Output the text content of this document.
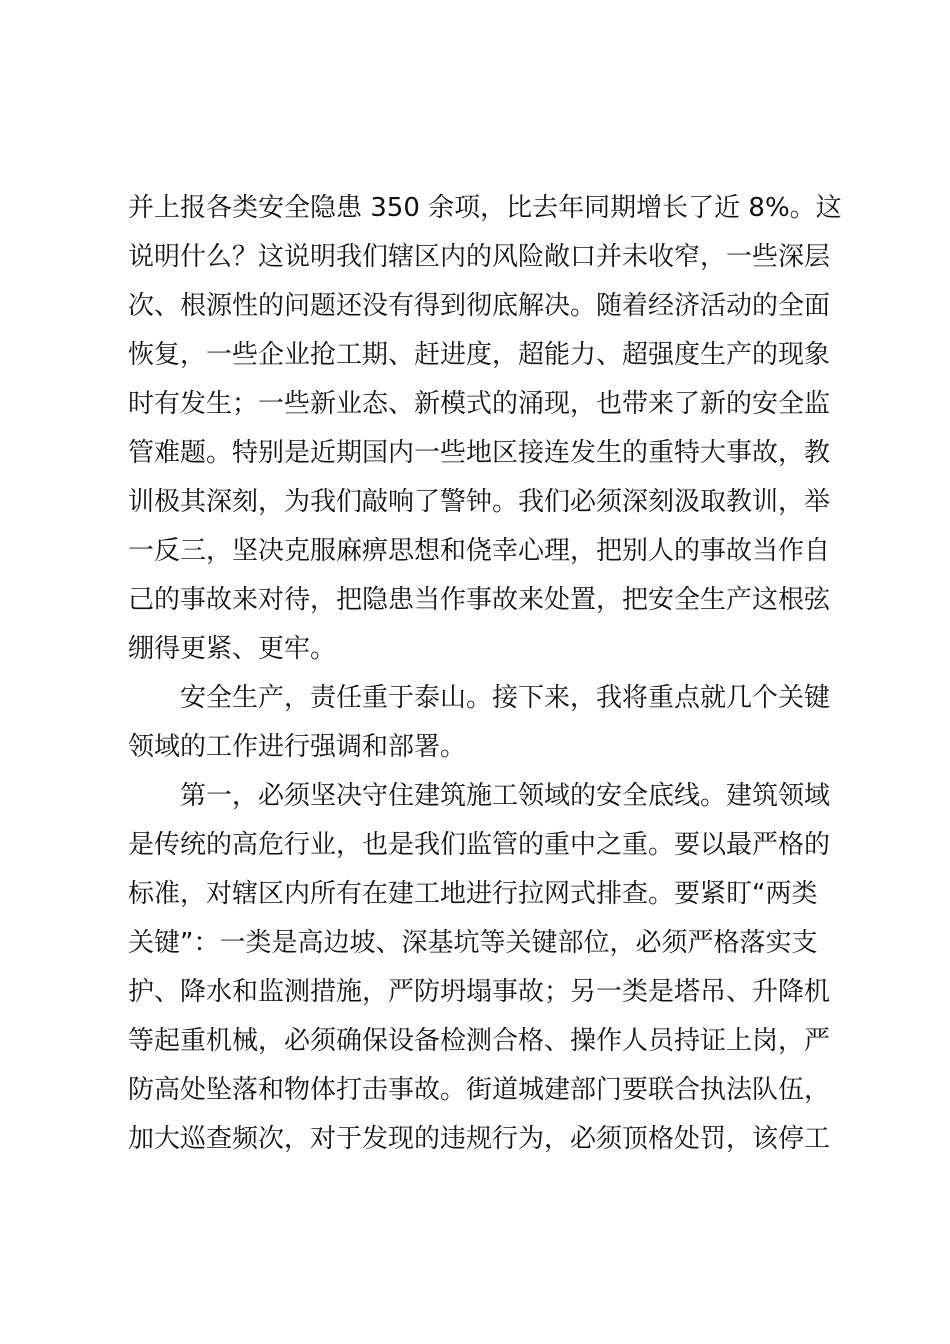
并上报各类安全隐患 350 余项，比去年同期增长了近 8%。这
说明什么？这说明我们辖区内的风险敞口并未收窄，一些深层
次、根源性的问题还没有得到彻底解决。随着经济活动的全面
恢复，一些企业抢工期、赶进度，超能力、超强度生产的现象
时有发生；一些新业态、新模式的涌现，也带来了新的安全监
管难题。特别是近期国内一些地区接连发生的重特大事故，教
训极其深刻，为我们敲响了警钟。我们必须深刻汲取教训，举
一反三，坚决克服麻痹思想和侥幸心理，把别人的事故当作自
己的事故来对待，把隐患当作事故来处置，把安全生产这根弦
绷得更紧、更牢。
安全生产，责任重于泰山。接下来，我将重点就几个关键
领域的工作进行强调和部署。
第一，必须坚决守住建筑施工领域的安全底线。建筑领域
是传统的高危行业，也是我们监管的重中之重。要以最严格的
标准，对辖区内所有在建工地进行拉网式排查。要紧盯“两类
关键”：一类是高边坡、深基坑等关键部位，必须严格落实支
护、降水和监测措施，严防坍塌事故；另一类是塔吊、升降机
等起重机械，必须确保设备检测合格、操作人员持证上岗，严
防高处坠落和物体打击事故。街道城建部门要联合执法队伍，
加大巡查频次，对于发现的违规行为，必须顶格处罚，该停工
